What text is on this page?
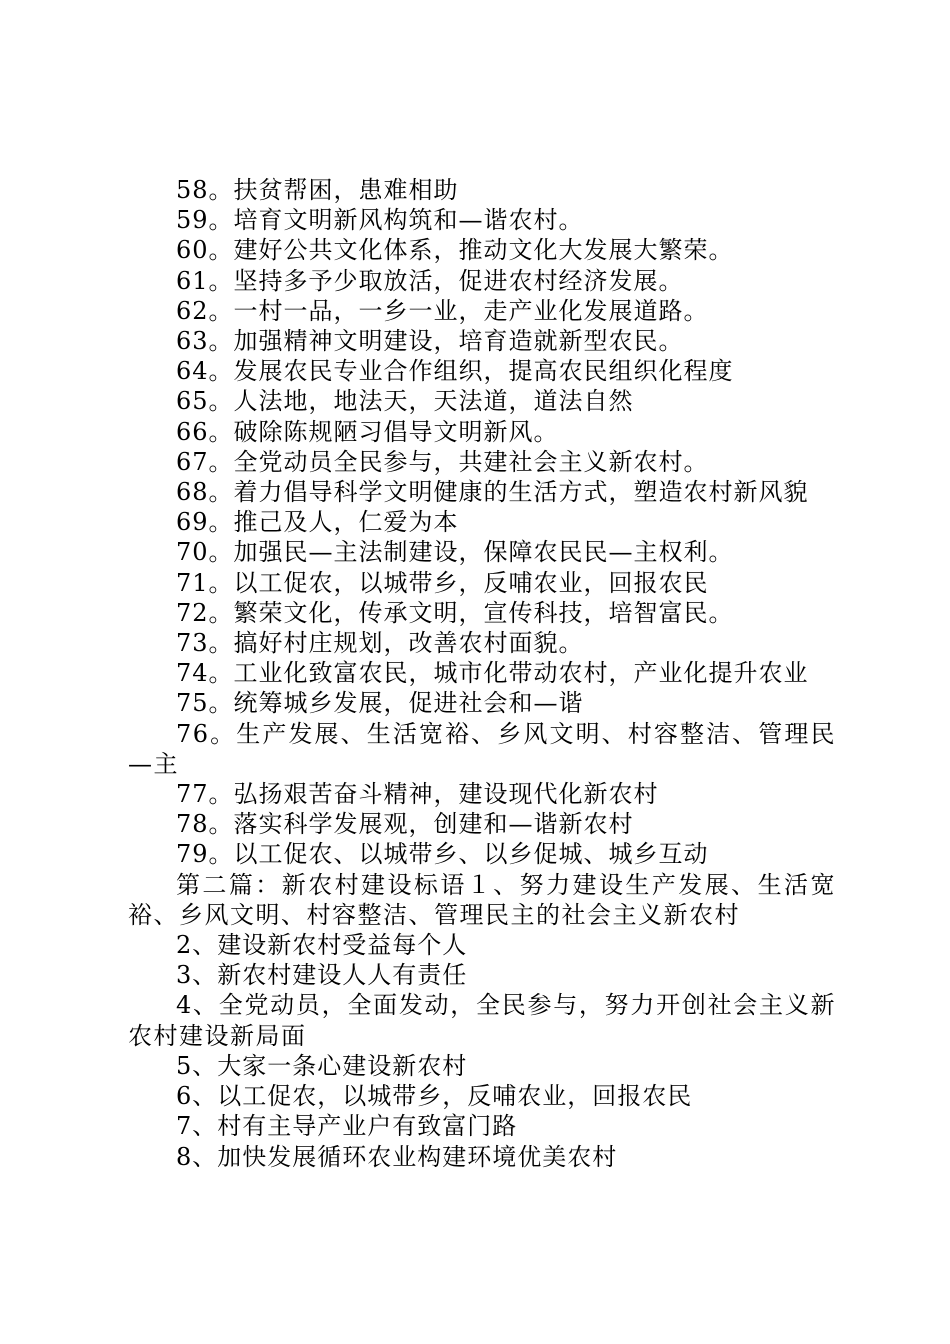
58。扶贫帮困，患难相助
59。培育文明新风构筑和—谐农村。
60。建好公共文化体系，推动文化大发展大繁荣。
61。坚持多予少取放活，促进农村经济发展。
62。一村一品，一乡一业，走产业化发展道路。
63。加强精神文明建设，培育造就新型农民。
64。发展农民专业合作组织，提高农民组织化程度
65。人法地，地法天，天法道，道法自然
66。破除陈规陋习倡导文明新风。
67。全党动员全民参与，共建社会主义新农村。
68。着力倡导科学文明健康的生活方式，塑造农村新风貌
69。推己及人，仁爱为本
70。加强民—主法制建设，保障农民民—主权利。
71。以工促农，以城带乡，反哺农业，回报农民
72。繁荣文化，传承文明，宣传科技，培智富民。
73。搞好村庄规划，改善农村面貌。
74。工业化致富农民，城市化带动农村，产业化提升农业
75。统筹城乡发展，促进社会和—谐
76。生产发展、生活宽裕、乡风文明、村容整洁、管理民—主
77。弘扬艰苦奋斗精神，建设现代化新农村
78。落实科学发展观，创建和—谐新农村
79。以工促农、以城带乡、以乡促城、城乡互动
第二篇：新农村建设标语１、努力建设生产发展、生活宽裕、乡风文明、村容整洁、管理民主的社会主义新农村
2、建设新农村受益每个人
3、新农村建设人人有责任
4、全党动员，全面发动，全民参与，努力开创社会主义新农村建设新局面
5、大家一条心建设新农村
6、以工促农，以城带乡，反哺农业，回报农民
7、村有主导产业户有致富门路
8、加快发展循环农业构建环境优美农村
